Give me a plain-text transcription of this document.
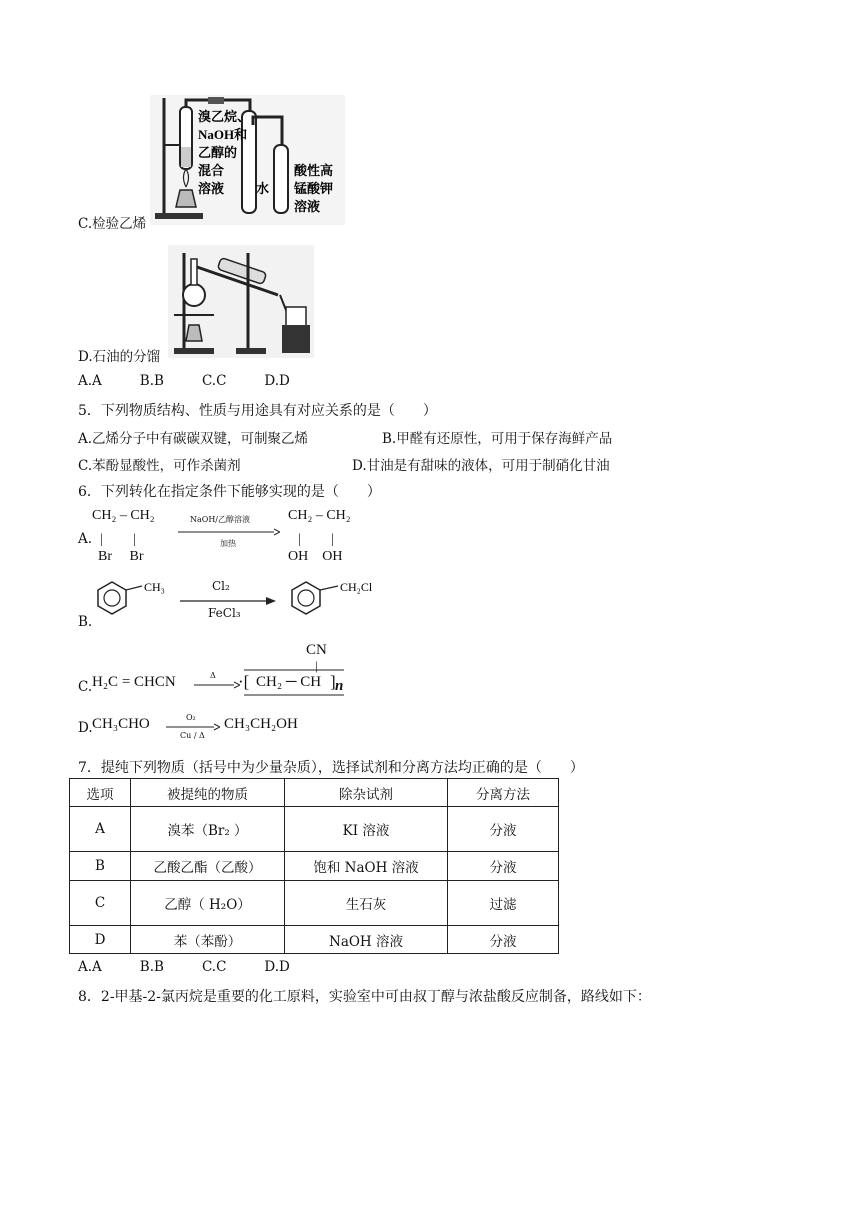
溴乙烷、
NaOH和
乙醇的
混合
溶液 水
酸性高
锰酸钾
溶液
C.检验乙烯
D.石油的分馏
A.A	B.B	C.C	D.D
5．下列物质结构、性质与用途具有对应关系的是（　　）
A.乙烯分子中有碳碳双键，可制聚乙烯	B.甲醛有还原性，可用于保存海鲜产品
C.苯酚显酸性，可作杀菌剂	D.甘油是有甜味的液体，可用于制硝化甘油
6．下列转化在指定条件下能够实现的是（　　）
A.
CH₂ – CH₂
|　　 |
Br　 Br
NaOH/乙醇溶液
加热
CH₂ – CH₂
|　　 |
OH　OH
B.
CH₃	Cl₂
FeCl₃
CH₂Cl
C. H₂C = CHCN	Δ ·[ CH₂ ─ CH ] n
|
CN
D. CH₃CHO	O₂
Cu / Δ
CH₃CH₂OH
7．提纯下列物质（括号中为少量杂质），选择试剂和分离方法均正确的是（　　）
选项	被提纯的物质	除杂试剂	分离方法
A	溴苯（Br₂ ）	KI 溶液	分液
B	乙酸乙酯（乙酸）	饱和 NaOH 溶液	分液
C	乙醇（ H₂O）	生石灰	过滤
D	苯（苯酚）	NaOH 溶液	分液
A.A	B.B	C.C	D.D
8．2-甲基-2-氯丙烷是重要的化工原料，实验室中可由叔丁醇与浓盐酸反应制备，路线如下：
